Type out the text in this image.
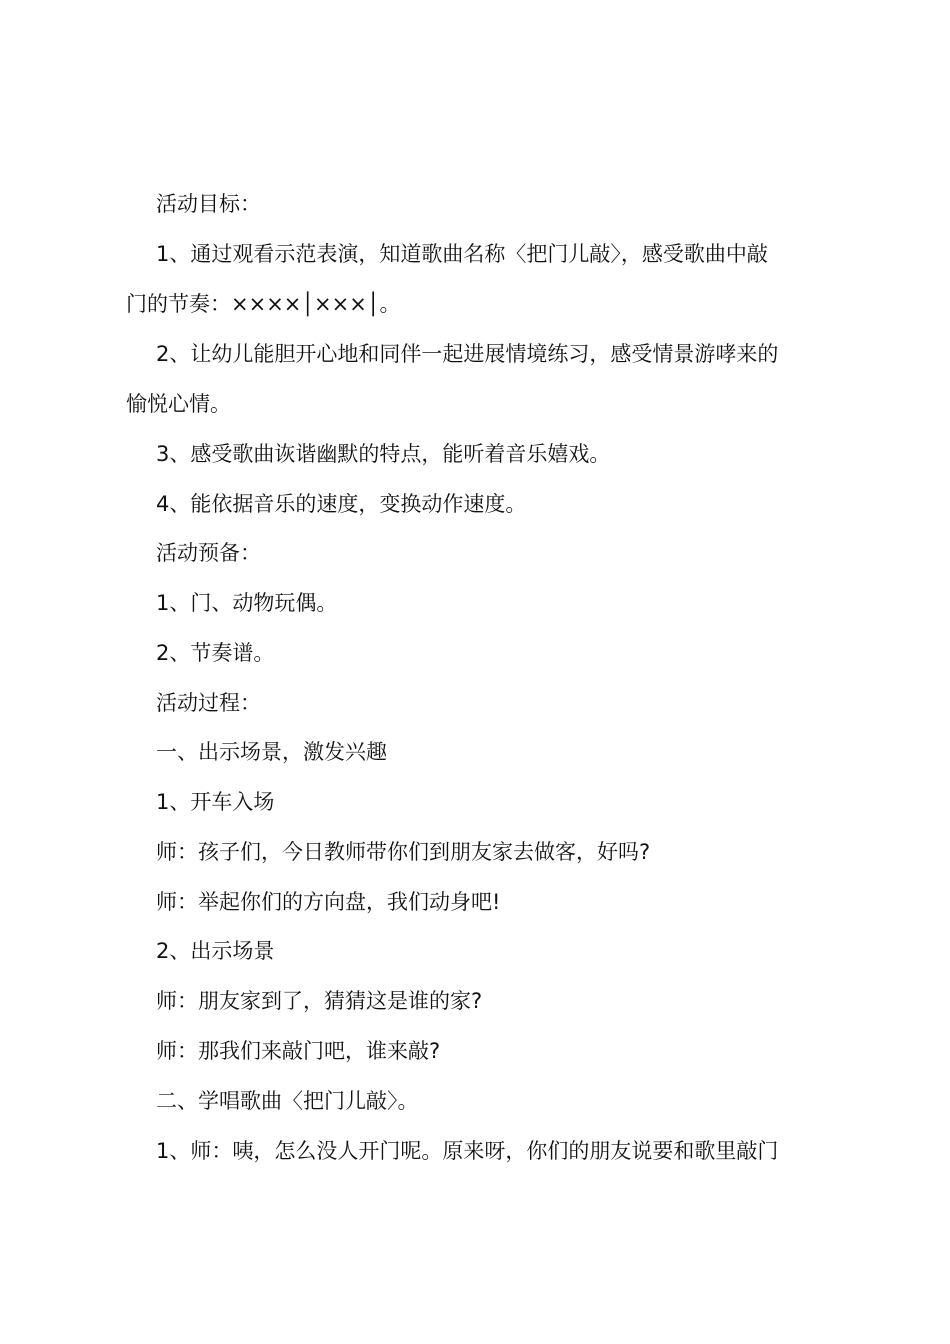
活动目标：
1、通过观看示范表演，知道歌曲名称〈把门儿敲〉，感受歌曲中敲
门的节奏：××××│×××│。
2、让幼儿能胆开心地和同伴一起进展情境练习，感受情景游哮来的
愉悦心情。
3、感受歌曲诙谐幽默的特点，能听着音乐嬉戏。
4、能依据音乐的速度，变换动作速度。
活动预备：
1、门、动物玩偶。
2、节奏谱。
活动过程：
一、出示场景，激发兴趣
1、开车入场
师：孩子们，今日教师带你们到朋友家去做客，好吗?
师：举起你们的方向盘，我们动身吧!
2、出示场景
师：朋友家到了，猜猜这是谁的家?
师：那我们来敲门吧，谁来敲?
二、学唱歌曲〈把门儿敲〉。
1、师：咦，怎么没人开门呢。原来呀，你们的朋友说要和歌里敲门
